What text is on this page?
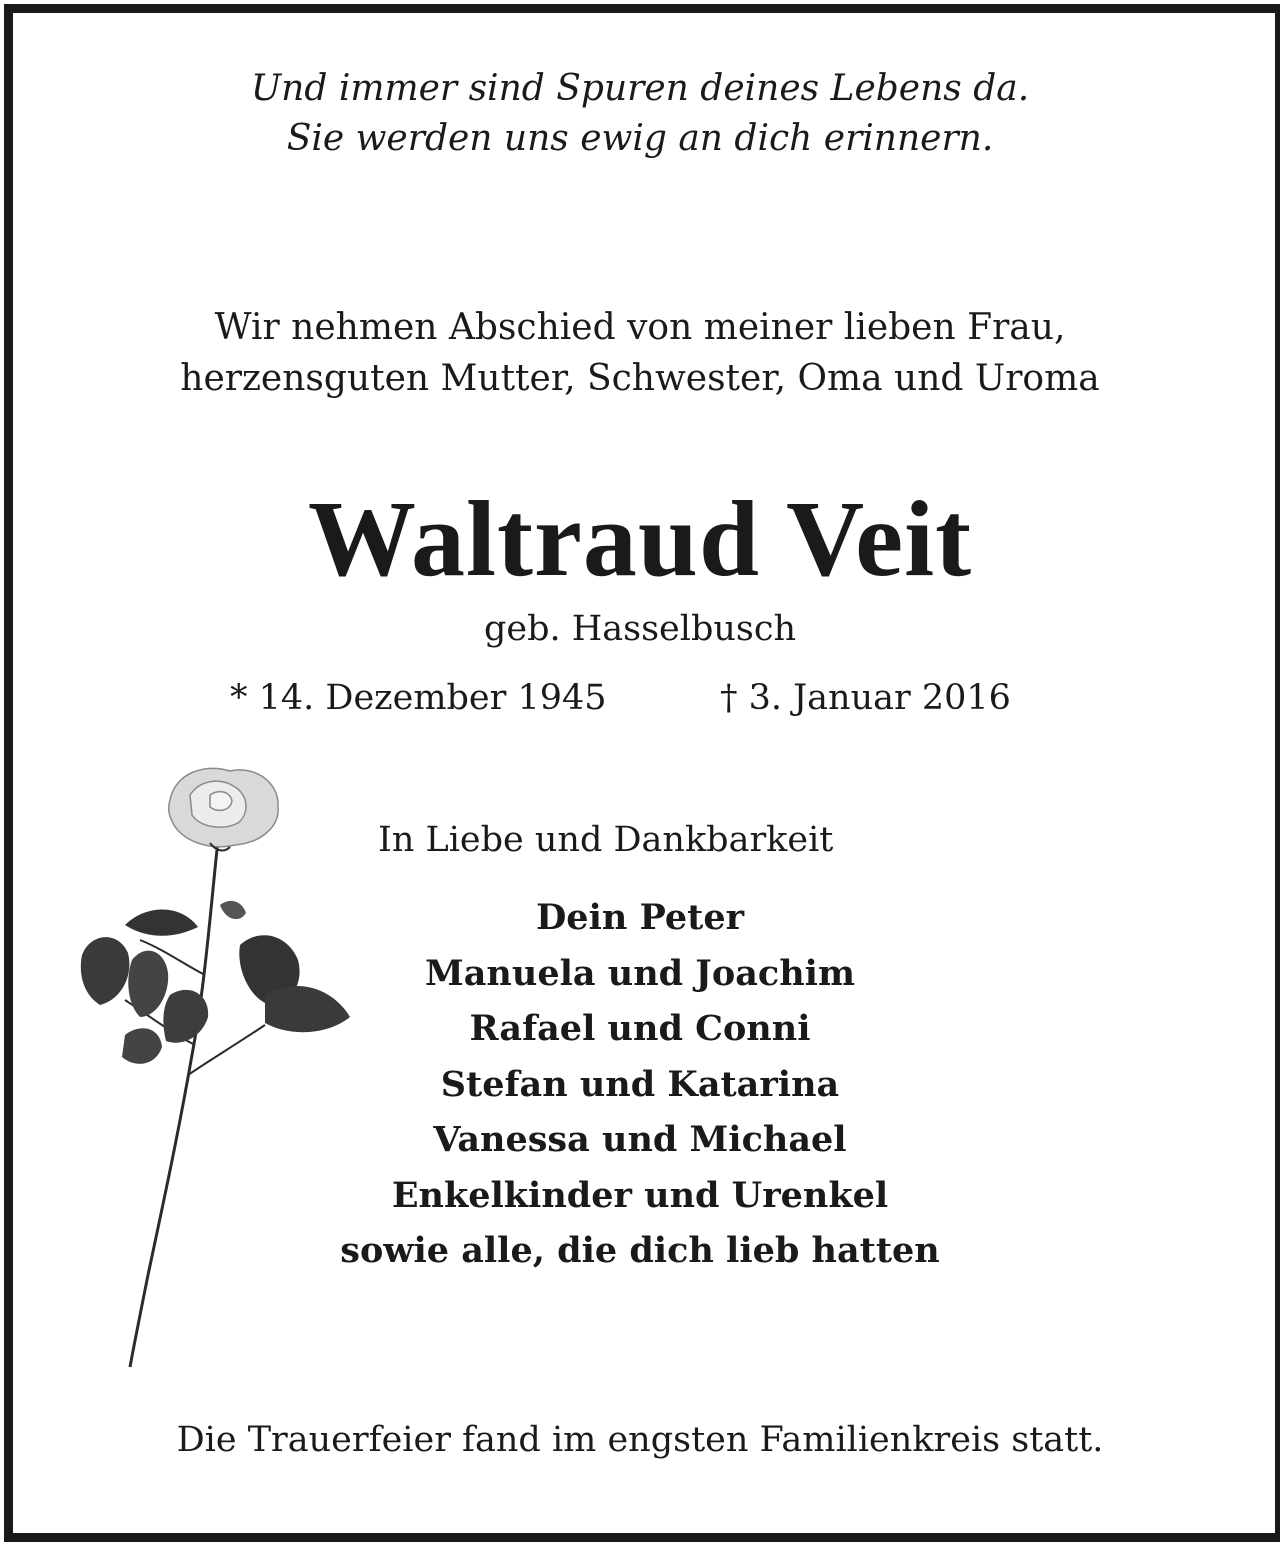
Und immer sind Spuren deines Lebens da.
Sie werden uns ewig an dich erinnern.
Wir nehmen Abschied von meiner lieben Frau,
herzensguten Mutter, Schwester, Oma und Uroma
Waltraud Veit
geb. Hasselbusch
* 14. Dezember 1945	† 3. Januar 2016
In Liebe und Dankbarkeit
Dein Peter
Manuela und Joachim
Rafael und Conni
Stefan und Katarina
Vanessa und Michael
Enkelkinder und Urenkel
sowie alle, die dich lieb hatten
Die Trauerfeier fand im engsten Familienkreis statt.
